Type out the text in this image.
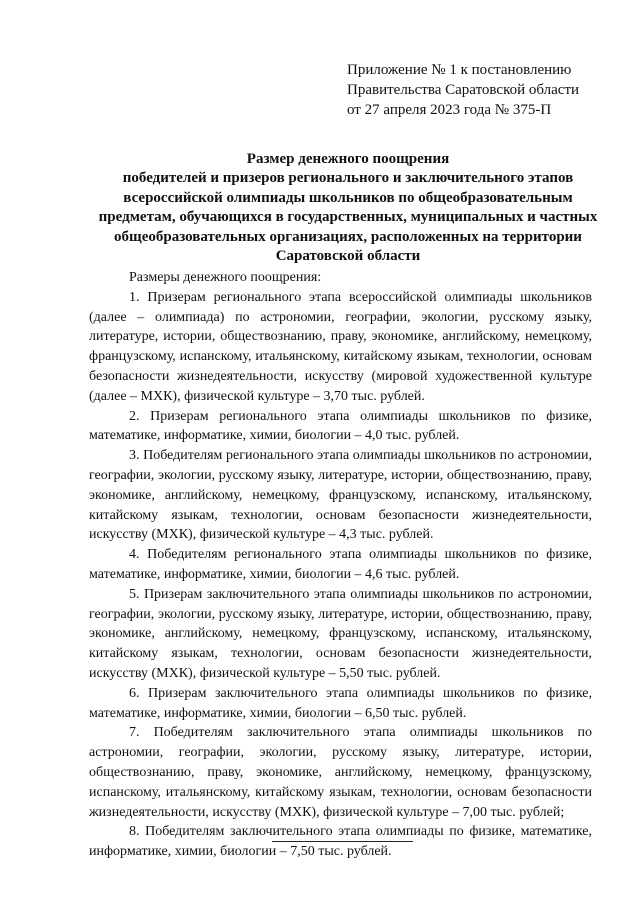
Приложение № 1 к постановлению
Правительства Саратовской области
от 27 апреля 2023 года № 375-П
Размер денежного поощрения
победителей и призеров регионального и заключительного этапов
всероссийской олимпиады школьников по общеобразовательным
предметам, обучающихся в государственных, муниципальных и частных
общеобразовательных организациях, расположенных на территории
Саратовской области

Размеры денежного поощрения:

1. Призерам регионального этапа всероссийской олимпиады школьников (далее – олимпиада) по астрономии, географии, экологии, русскому языку, литературе, истории, обществознанию, праву, экономике, английскому, немецкому, французскому, испанскому, итальянскому, китайскому языкам, технологии, основам безопасности жизнедеятельности, искусству (мировой художественной культуре (далее – МХК), физической культуре – 3,70 тыс. рублей.

2. Призерам регионального этапа олимпиады школьников по физике, математике, информатике, химии, биологии – 4,0 тыс. рублей.

3. Победителям регионального этапа олимпиады школьников по астрономии, географии, экологии, русскому языку, литературе, истории, обществознанию, праву, экономике, английскому, немецкому, французскому, испанскому, итальянскому, китайскому языкам, технологии, основам безопасности жизнедеятельности, искусству (МХК), физической культуре – 4,3 тыс. рублей.

4. Победителям регионального этапа олимпиады школьников по физике, математике, информатике, химии, биологии – 4,6 тыс. рублей.

5. Призерам заключительного этапа олимпиады школьников по астрономии, географии, экологии, русскому языку, литературе, истории, обществознанию, праву, экономике, английскому, немецкому, французскому, испанскому, итальянскому, китайскому языкам, технологии, основам безопасности жизнедеятельности, искусству (МХК), физической культуре – 5,50 тыс. рублей.

6. Призерам заключительного этапа олимпиады школьников по физике, математике, информатике, химии, биологии – 6,50 тыс. рублей.

7. Победителям заключительного этапа олимпиады школьников по астрономии, географии, экологии, русскому языку, литературе, истории, обществознанию, праву, экономике, английскому, немецкому, французскому, испанскому, итальянскому, китайскому языкам, технологии, основам безопасности жизнедеятельности, искусству (МХК), физической культуре – 7,00 тыс. рублей;

8. Победителям заключительного этапа олимпиады по физике, математике, информатике, химии, биологии – 7,50 тыс. рублей.
